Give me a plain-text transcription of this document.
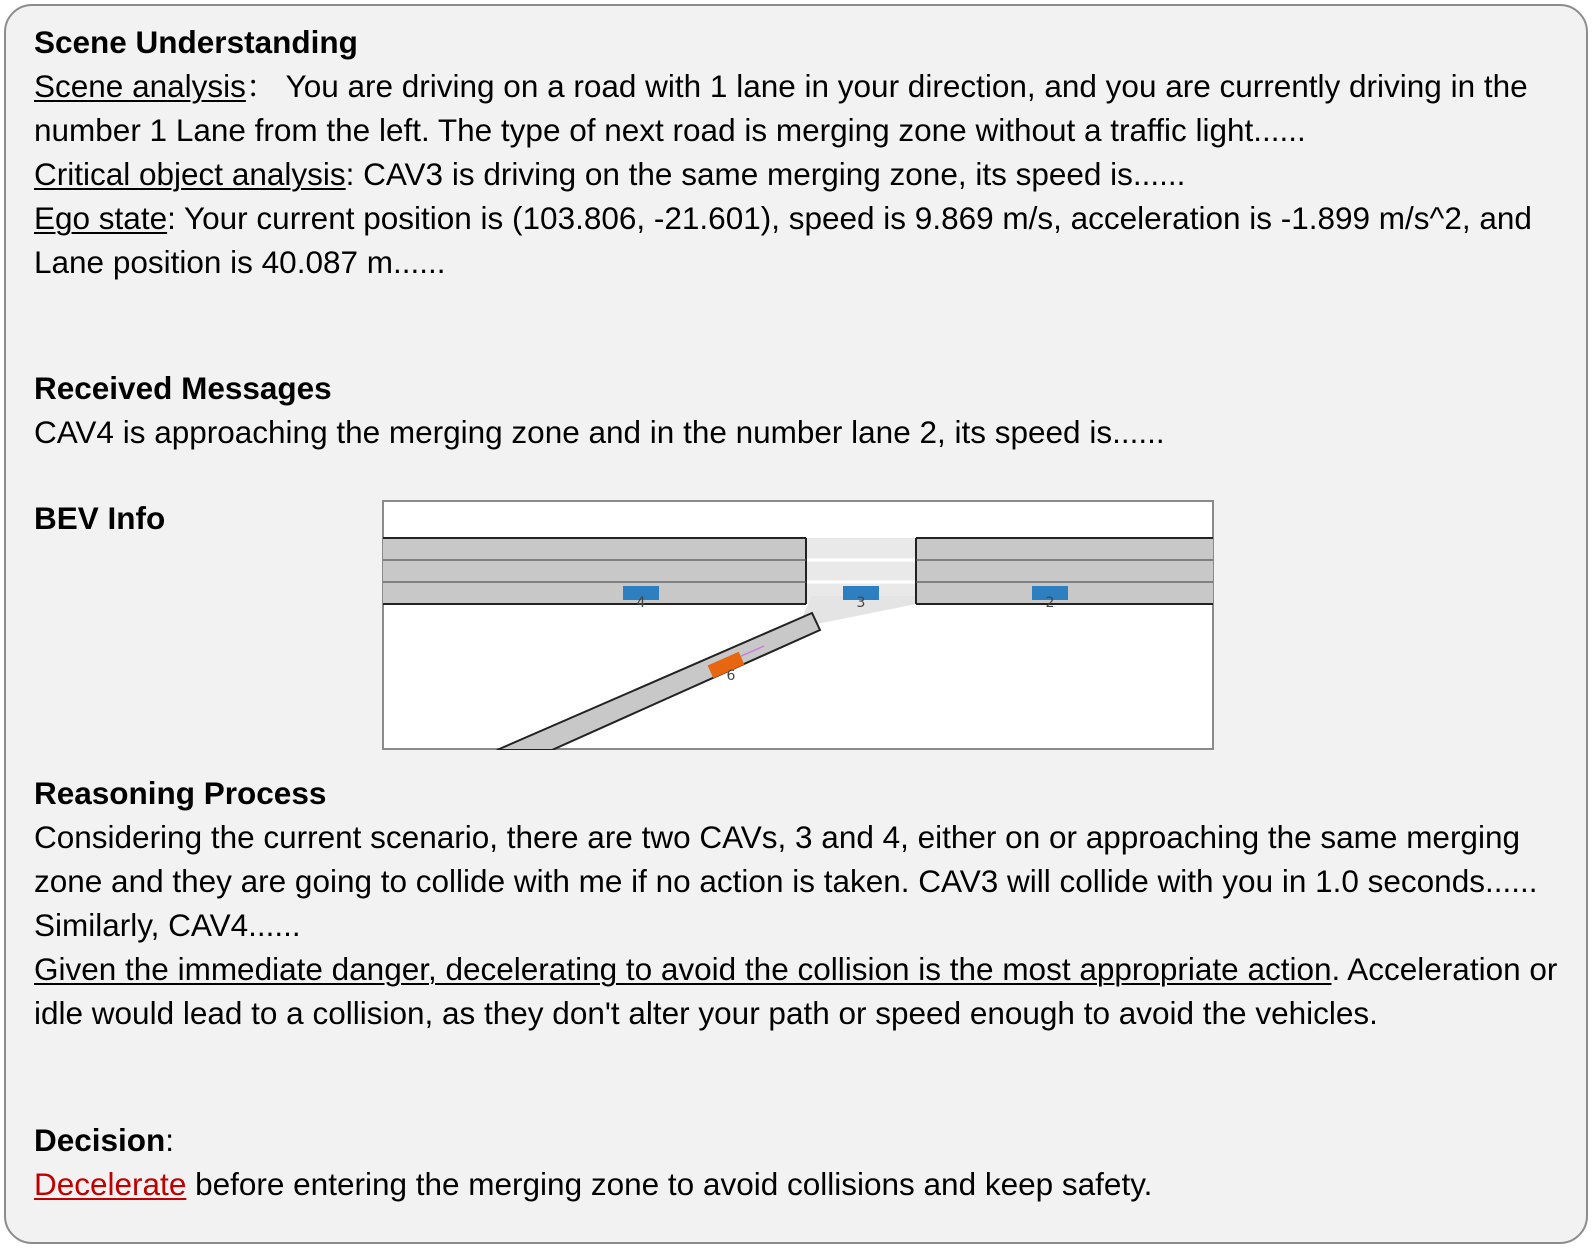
Scene Understanding
Scene analysis： You are driving on a road with 1 lane in your direction, and you are currently driving in the number 1 Lane from the left. The type of next road is merging zone without a traffic light......
Critical object analysis: CAV3 is driving on the same merging zone, its speed is......
Ego state: Your current position is (103.806, -21.601), speed is 9.869 m/s, acceleration is -1.899 m/s^2, and Lane position is 40.087 m......
Received Messages
CAV4 is approaching the merging zone and in the number lane 2, its speed is......
BEV Info
4	3	2
6
Reasoning Process
Considering the current scenario, there are two CAVs, 3 and 4, either on or approaching the same merging zone and they are going to collide with me if no action is taken. CAV3 will collide with you in 1.0 seconds...... Similarly, CAV4......
Given the immediate danger, decelerating to avoid the collision is the most appropriate action. Acceleration or idle would lead to a collision, as they don't alter your path or speed enough to avoid the vehicles.
Decision:
Decelerate before entering the merging zone to avoid collisions and keep safety.
